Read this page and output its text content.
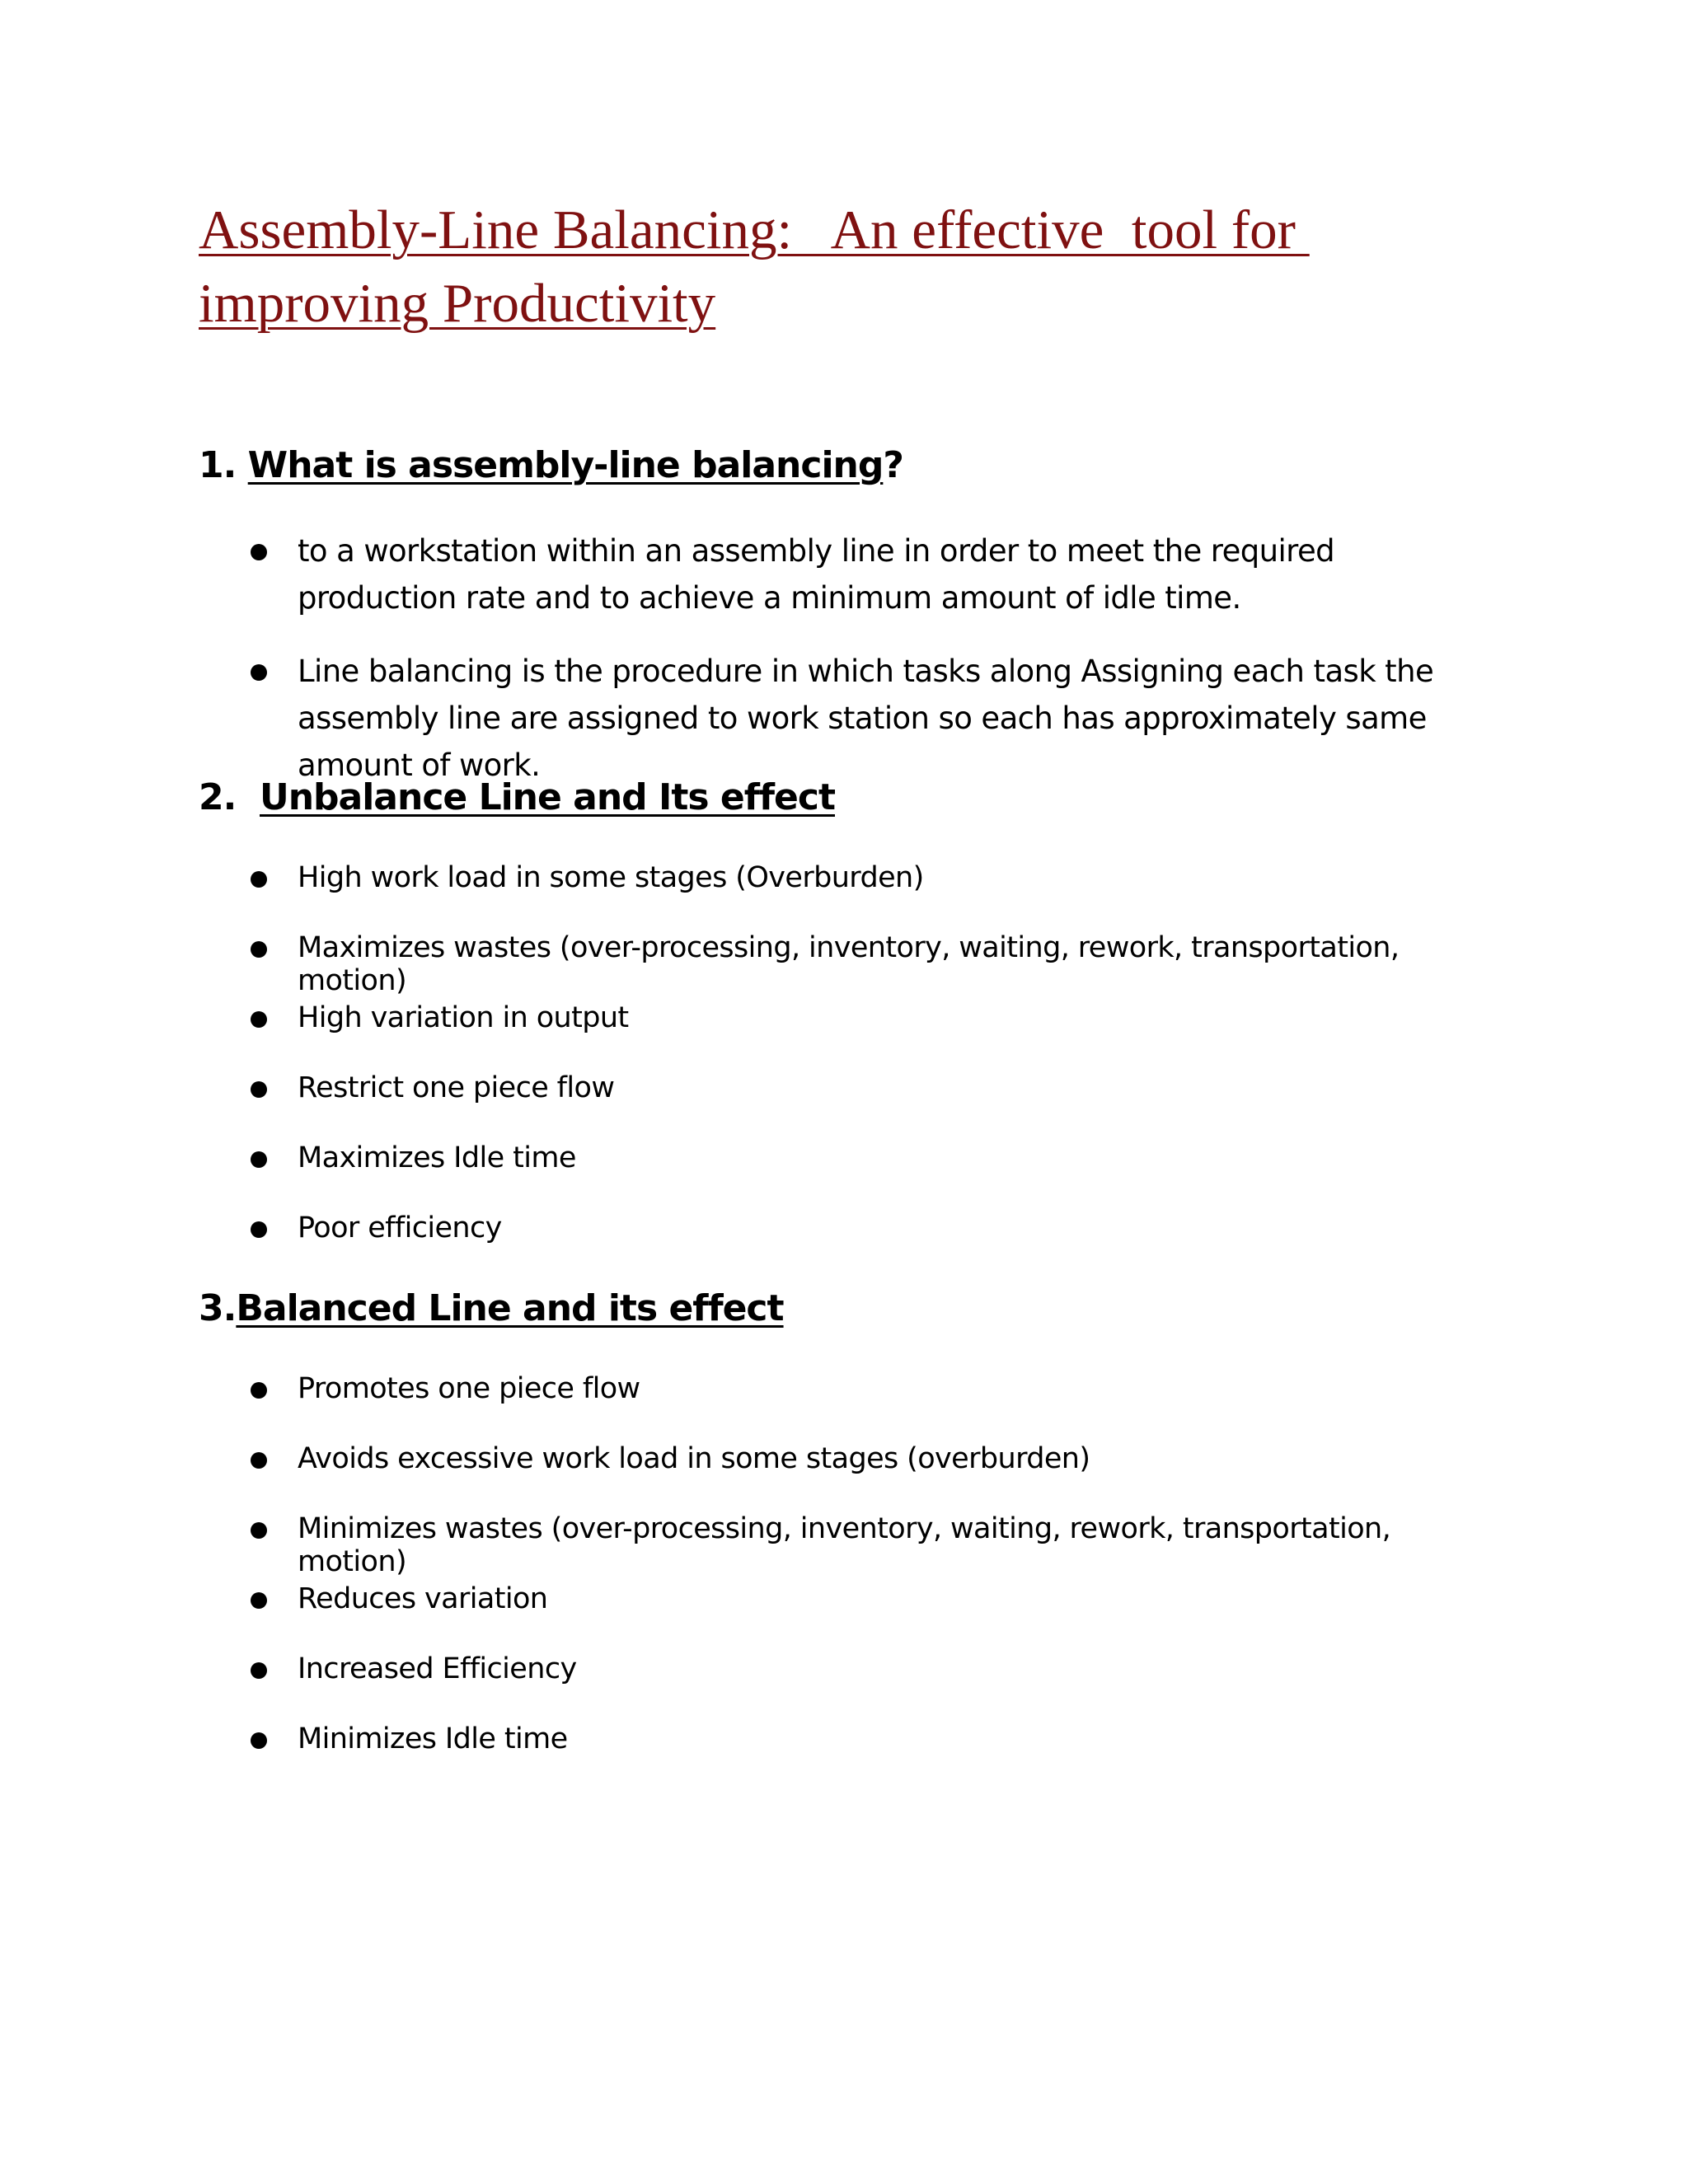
Assembly-Line Balancing:   An effective  tool for improving Productivity
1. What is assembly-line balancing?
to a workstation within an assembly line in order to meet the required production rate and to achieve a minimum amount of idle time.
Line balancing is the procedure in which tasks along Assigning each task the assembly line are assigned to work station so each has approximately same amount of work.
2. Unbalance Line and Its effect
High work load in some stages (Overburden)
Maximizes wastes (over-processing, inventory, waiting, rework, transportation, motion)
High variation in output
Restrict one piece flow
Maximizes Idle time
Poor efficiency
3.Balanced Line and its effect
Promotes one piece flow
Avoids excessive work load in some stages (overburden)
Minimizes wastes (over-processing, inventory, waiting, rework, transportation, motion)
Reduces variation
Increased Efficiency
Minimizes Idle time
